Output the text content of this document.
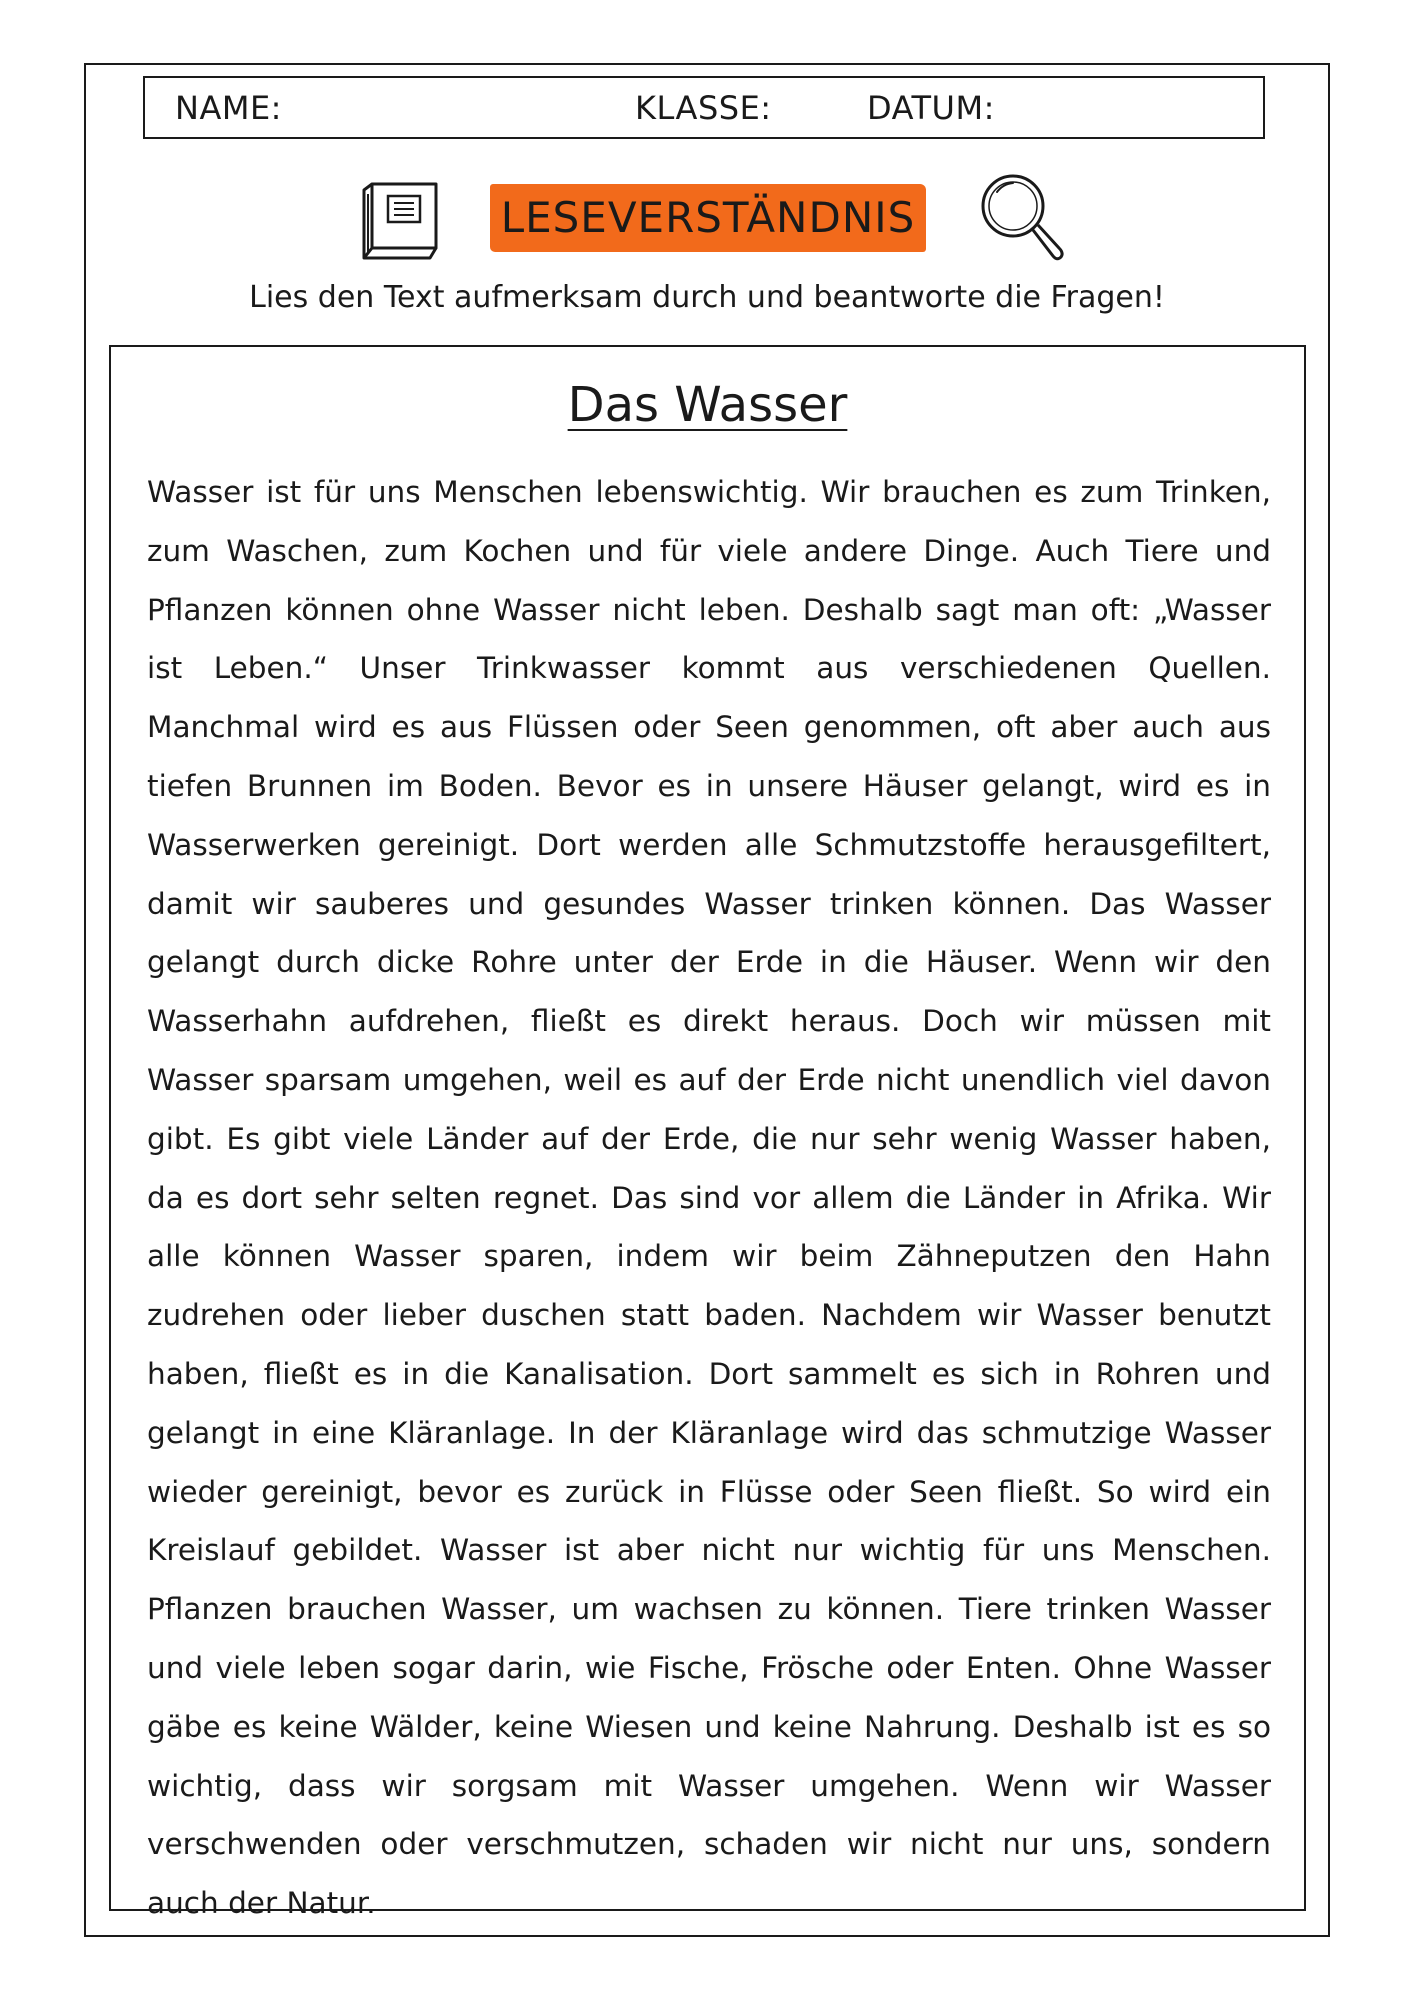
NAME:	KLASSE:	DATUM:
LESEVERSTÄNDNIS
Lies den Text aufmerksam durch und beantworte die Fragen!
Das Wasser

Wasser ist für uns Menschen lebenswichtig. Wir brauchen es zum Trinken, zum Waschen, zum Kochen und für viele andere Dinge. Auch Tiere und Pflanzen können ohne Wasser nicht leben. Deshalb sagt man oft: „Wasser ist Leben.“ Unser Trinkwasser kommt aus verschiedenen Quellen. Manchmal wird es aus Flüssen oder Seen genommen, oft aber auch aus tiefen Brunnen im Boden. Bevor es in unsere Häuser gelangt, wird es in Wasserwerken gereinigt. Dort werden alle Schmutzstoffe herausgefiltert, damit wir sauberes und gesundes Wasser trinken können. Das Wasser gelangt durch dicke Rohre unter der Erde in die Häuser. Wenn wir den Wasserhahn aufdrehen, fließt es direkt heraus. Doch wir müssen mit Wasser sparsam umgehen, weil es auf der Erde nicht unendlich viel davon gibt. Es gibt viele Länder auf der Erde, die nur sehr wenig Wasser haben, da es dort sehr selten regnet. Das sind vor allem die Länder in Afrika. Wir alle können Wasser sparen, indem wir beim Zähneputzen den Hahn zudrehen oder lieber duschen statt baden. Nachdem wir Wasser benutzt haben, fließt es in die Kanalisation. Dort sammelt es sich in Rohren und gelangt in eine Kläranlage. In der Kläranlage wird das schmutzige Wasser wieder gereinigt, bevor es zurück in Flüsse oder Seen fließt. So wird ein Kreislauf gebildet. Wasser ist aber nicht nur wichtig für uns Menschen. Pflanzen brauchen Wasser, um wachsen zu können. Tiere trinken Wasser und viele leben sogar darin, wie Fische, Frösche oder Enten. Ohne Wasser gäbe es keine Wälder, keine Wiesen und keine Nahrung. Deshalb ist es so wichtig, dass wir sorgsam mit Wasser umgehen. Wenn wir Wasser verschwenden oder verschmutzen, schaden wir nicht nur uns, sondern auch der Natur.
